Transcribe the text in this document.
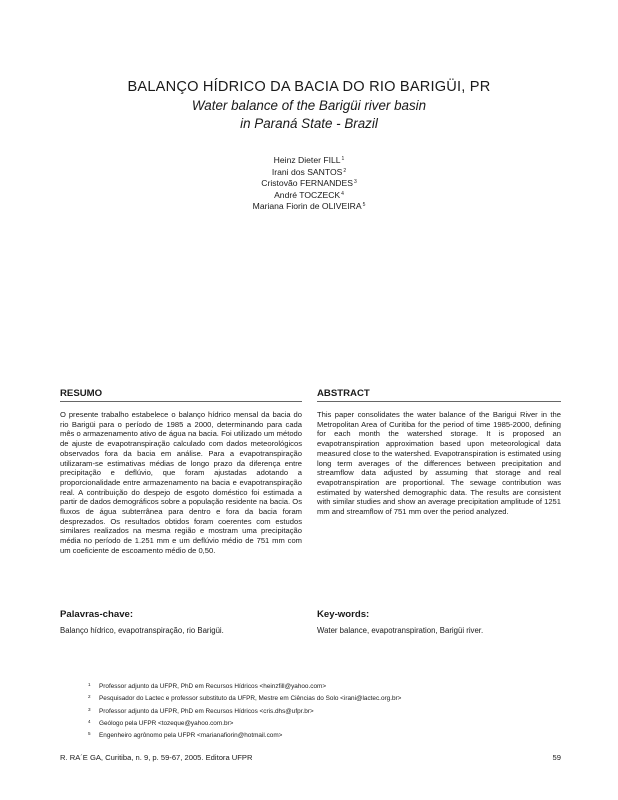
BALANÇO HÍDRICO DA BACIA DO RIO BARIGÜI, PR
Water balance of the Barigüi river basin
in Paraná State - Brazil
Heinz Dieter FILL$^1$
Irani dos SANTOS$^2$
Cristovão FERNANDES$^3$
André TOCZECK$^4$
Mariana Fiorin de OLIVEIRA$^5$
RESUMO	ABSTRACT
O presente trabalho estabelece o balanço hídrico mensal da bacia do rio Barigüi para o período de 1985 a 2000, determinando para cada mês o armazenamento ativo de água na bacia. Foi utilizado um método de ajuste de evapotranspiração calculado com dados meteorológicos observados fora da bacia em análise. Para a evapotranspiração utilizaram-se estimativas médias de longo prazo da diferença entre precipitação e deflúvio, que foram ajustadas adotando a proporcionalidade entre armazenamento na bacia e evapotranspiração real. A contribuição do despejo de esgoto doméstico foi estimada a partir de dados demográficos sobre a população residente na bacia. Os fluxos de água subterrânea para dentro e fora da bacia foram desprezados. Os resultados obtidos foram coerentes com estudos similares realizados na mesma região e mostram uma precipitação média no período de 1.251 mm e um deflúvio médio de 751 mm com um coeficiente de escoamento médio de 0,50.
This paper consolidates the water balance of the Barigui River in the Metropolitan Area of Curitiba for the period of time 1985-2000, defining for each month the watershed storage. It is proposed an evapotranspiration approximation based upon meteorological data measured close to the watershed. Evapotranspiration is estimated using long term averages of the differences between precipitation and streamflow data adjusted by assuming that storage and real evapotranspiration are proportional. The sewage contribution was estimated by watershed demographic data. The results are consistent with similar studies and show an average precipitation amplitude of 1251 mm and streamflow of 751 mm over the period analyzed.
Palavras-chave:	Key-words:
Balanço hídrico, evapotranspiração, rio Barigüi.	Water balance, evapotranspiration, Barigüi river.
1 Professor adjunto da UFPR, PhD em Recursos Hídricos <heinzfill@yahoo.com>
2 Pesquisador do Lactec e professor substituto da UFPR, Mestre em Ciências do Solo <irani@lactec.org.br>
3 Professor adjunto da UFPR, PhD em Recursos Hídricos <cris.dhs@ufpr.br>
4 Geólogo pela UFPR <tozeque@yahoo.com.br>
5 Engenheiro agrônomo pela UFPR <marianafiorin@hotmail.com>
R. RA´E GA, Curitiba, n. 9, p. 59-67, 2005. Editora UFPR	59
